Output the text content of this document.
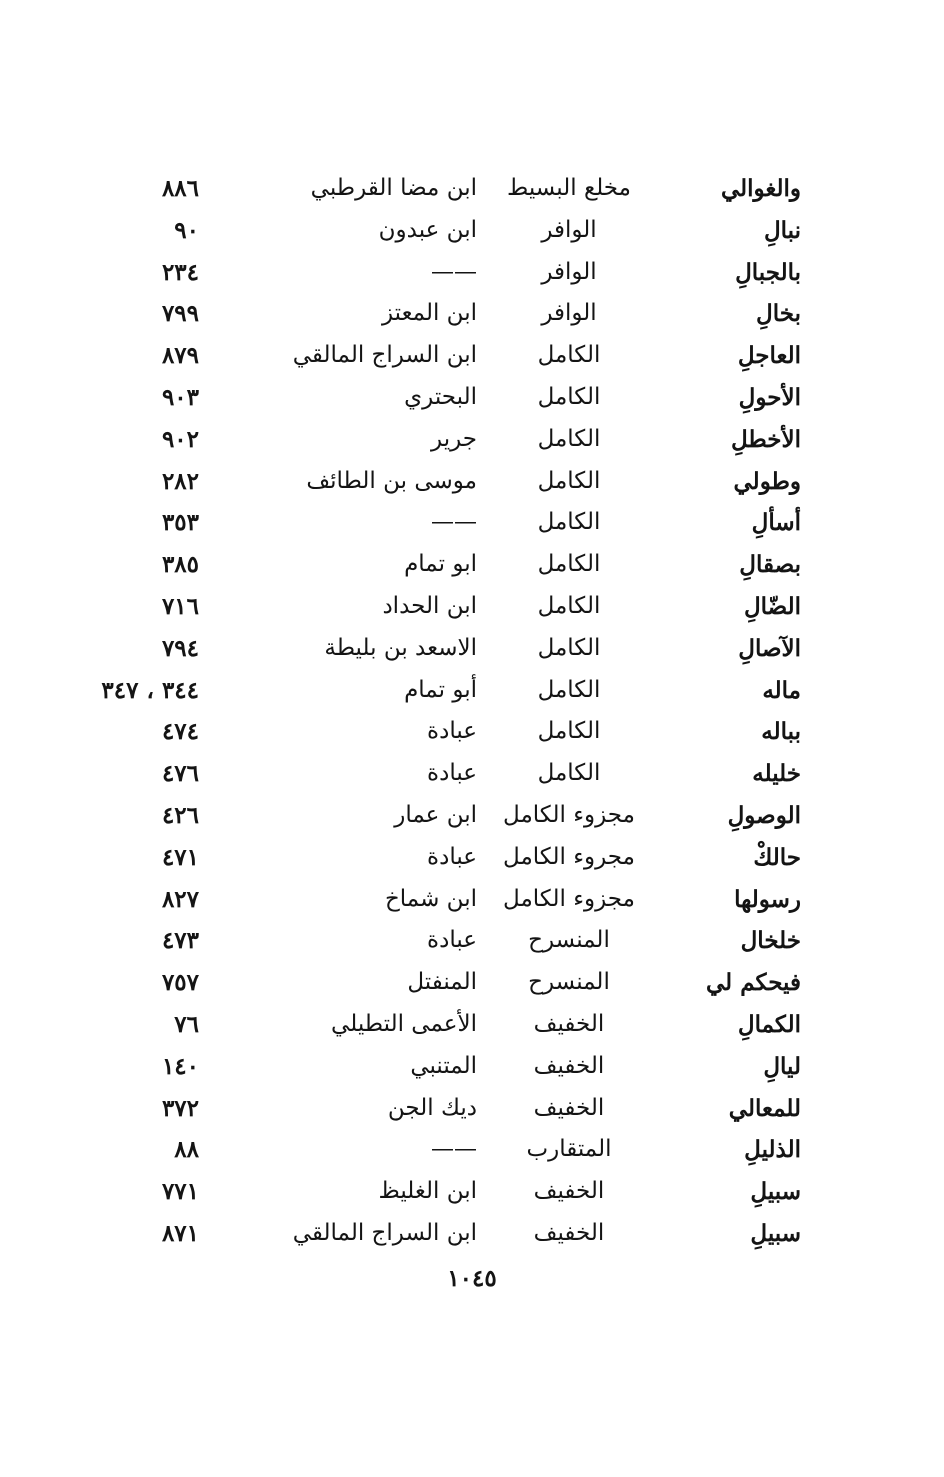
والغوالي
مخلع البسيط
ابن مضا القرطبي
٨٨٦
نبالِ
الوافر
ابن عبدون
٩٠
بالجبالِ
الوافر
——
٢٣٤
بخالِ
الوافر
ابن المعتز
٧٩٩
العاجلِ
الكامل
ابن السراج المالقي
٨٧٩
الأحولِ
الكامل
البحتري
٩٠٣
الأخطلِ
الكامل
جرير
٩٠٢
وطولي
الكامل
موسى بن الطائف
٢٨٢
أسألِ
الكامل
——
٣٥٣
بصقالِ
الكامل
ابو تمام
٣٨٥
الضّالِ
الكامل
ابن الحداد
٧١٦
الآصالِ
الكامل
الاسعد بن بليطة
٧٩٤
ماله
الكامل
أبو تمام
٣٤٤ ، ٣٤٧
بباله
الكامل
عبادة
٤٧٤
خليله
الكامل
عبادة
٤٧٦
الوصولِ
مجزوء الكامل
ابن عمار
٤٢٦
حالكْ
مجروء الكامل
عبادة
٤٧١
رسولها
مجزوء الكامل
ابن شماخ
٨٢٧
خلخال
المنسرح
عبادة
٤٧٣
فيحكم لي
المنسرح
المنفتل
٧٥٧
الكمالِ
الخفيف
الأعمى التطيلي
٧٦
ليالِ
الخفيف
المتنبي
١٤٠
للمعالي
الخفيف
ديك الجن
٣٧٢
الذليلِ
المتقارب
——
٨٨
سبيلِ
الخفيف
ابن الغليظ
٧٧١
سبيلِ
الخفيف
ابن السراج المالقي
٨٧١
١٠٤٥
